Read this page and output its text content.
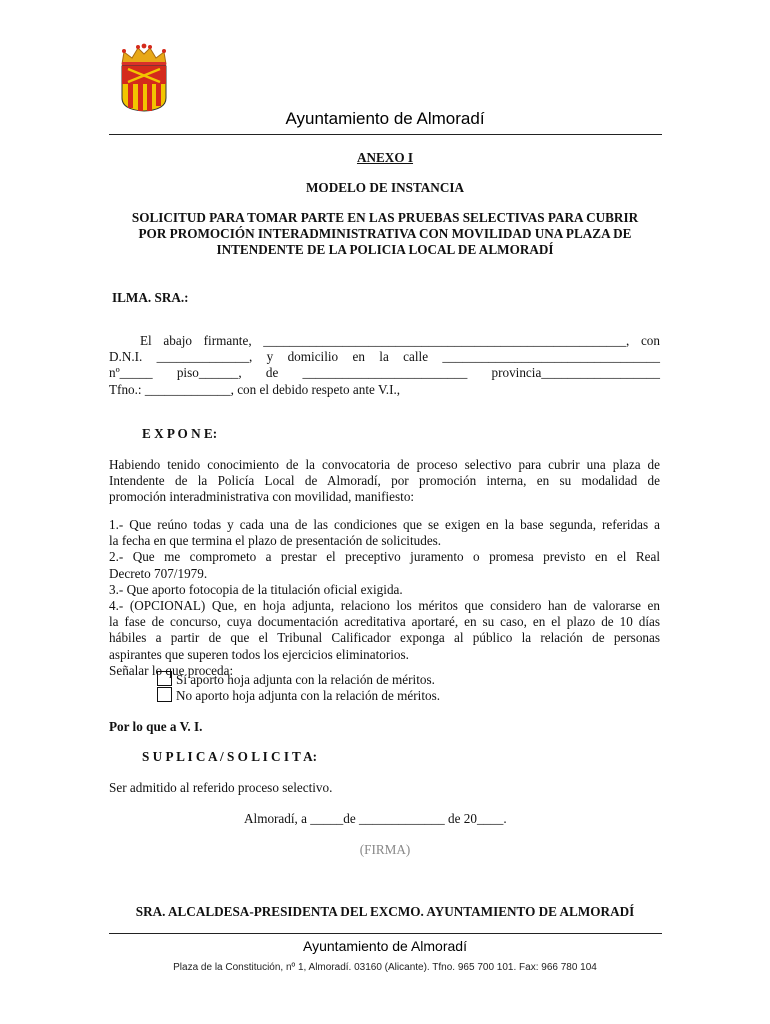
Ayuntamiento de Almoradí
ANEXO I
MODELO DE INSTANCIA
SOLICITUD PARA TOMAR PARTE EN LAS PRUEBAS SELECTIVAS PARA CUBRIR
POR PROMOCIÓN INTERADMINISTRATIVA CON MOVILIDAD UNA PLAZA DE
INTENDENTE DE LA POLICIA LOCAL DE ALMORADÍ
ILMA. SRA.:
El abajo firmante, _______________________________________________________, con
D.N.I. ______________, y domicilio en la calle _________________________________
nº_____ piso______, de _________________________ provincia__________________
Tfno.: _____________, con el debido respeto ante V.I.,
E X P O N E:
Habiendo tenido conocimiento de la convocatoria de proceso selectivo para cubrir una plaza de
Intendente de la Policía Local de Almoradí, por promoción interna, en su modalidad de
promoción interadministrativa con movilidad, manifiesto:
1.- Que reúno todas y cada una de las condiciones que se exigen en la base segunda, referidas a
la fecha en que termina el plazo de presentación de solicitudes.
2.- Que me comprometo a prestar el preceptivo juramento o promesa previsto en el Real
Decreto 707/1979.
3.- Que aporto fotocopia de la titulación oficial exigida.
4.- (OPCIONAL) Que, en hoja adjunta, relaciono los méritos que considero han de valorarse en
la fase de concurso, cuya documentación acreditativa aportaré, en su caso, en el plazo de 10 días
hábiles a partir de que el Tribunal Calificador exponga al público la relación de personas
aspirantes que superen todos los ejercicios eliminatorios.
Señalar lo que proceda:
Sí aporto hoja adjunta con la relación de méritos.
No aporto hoja adjunta con la relación de méritos.
Por lo que a V. I.
S U P L I C A / S O L I C I T A:
Ser admitido al referido proceso selectivo.
Almoradí, a _____de _____________ de 20____.
(FIRMA)
SRA. ALCALDESA-PRESIDENTA DEL EXCMO. AYUNTAMIENTO DE ALMORADÍ
Ayuntamiento de Almoradí
Plaza de la Constitución, nº 1, Almoradí. 03160 (Alicante). Tfno. 965 700 101. Fax: 966 780 104
